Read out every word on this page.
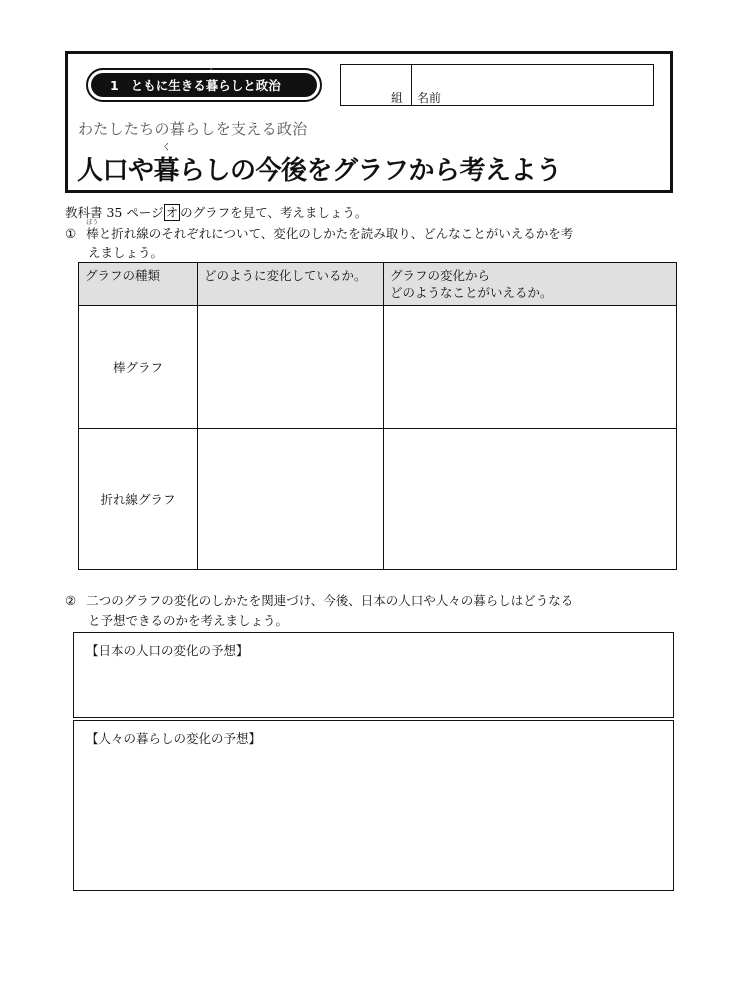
1 ともに生きる
く
暮 らしと政治
組 名前
わたしたちの暮らしを支える政治
人口や
く
暮らしの今後をグラフから考えよう
教科書 35 ページ オ のグラフを見て、考えましょう。
①
ぼう
棒と折れ線のそれぞれについて、変化のしかたを読み取り、どんなことがいえるかを考
えましょう。
グラフの種類	どのように変化しているか。	グラフの変化から
どのようなことがいえるか。

棒グラフ		
折れ線グラフ		
② 二つのグラフの変化のしかたを関連づけ、今後、日本の人口や人々の暮らしはどうなる
と予想できるのかを考えましょう。
【日本の人口の変化の予想】
【人々の暮らしの変化の予想】
